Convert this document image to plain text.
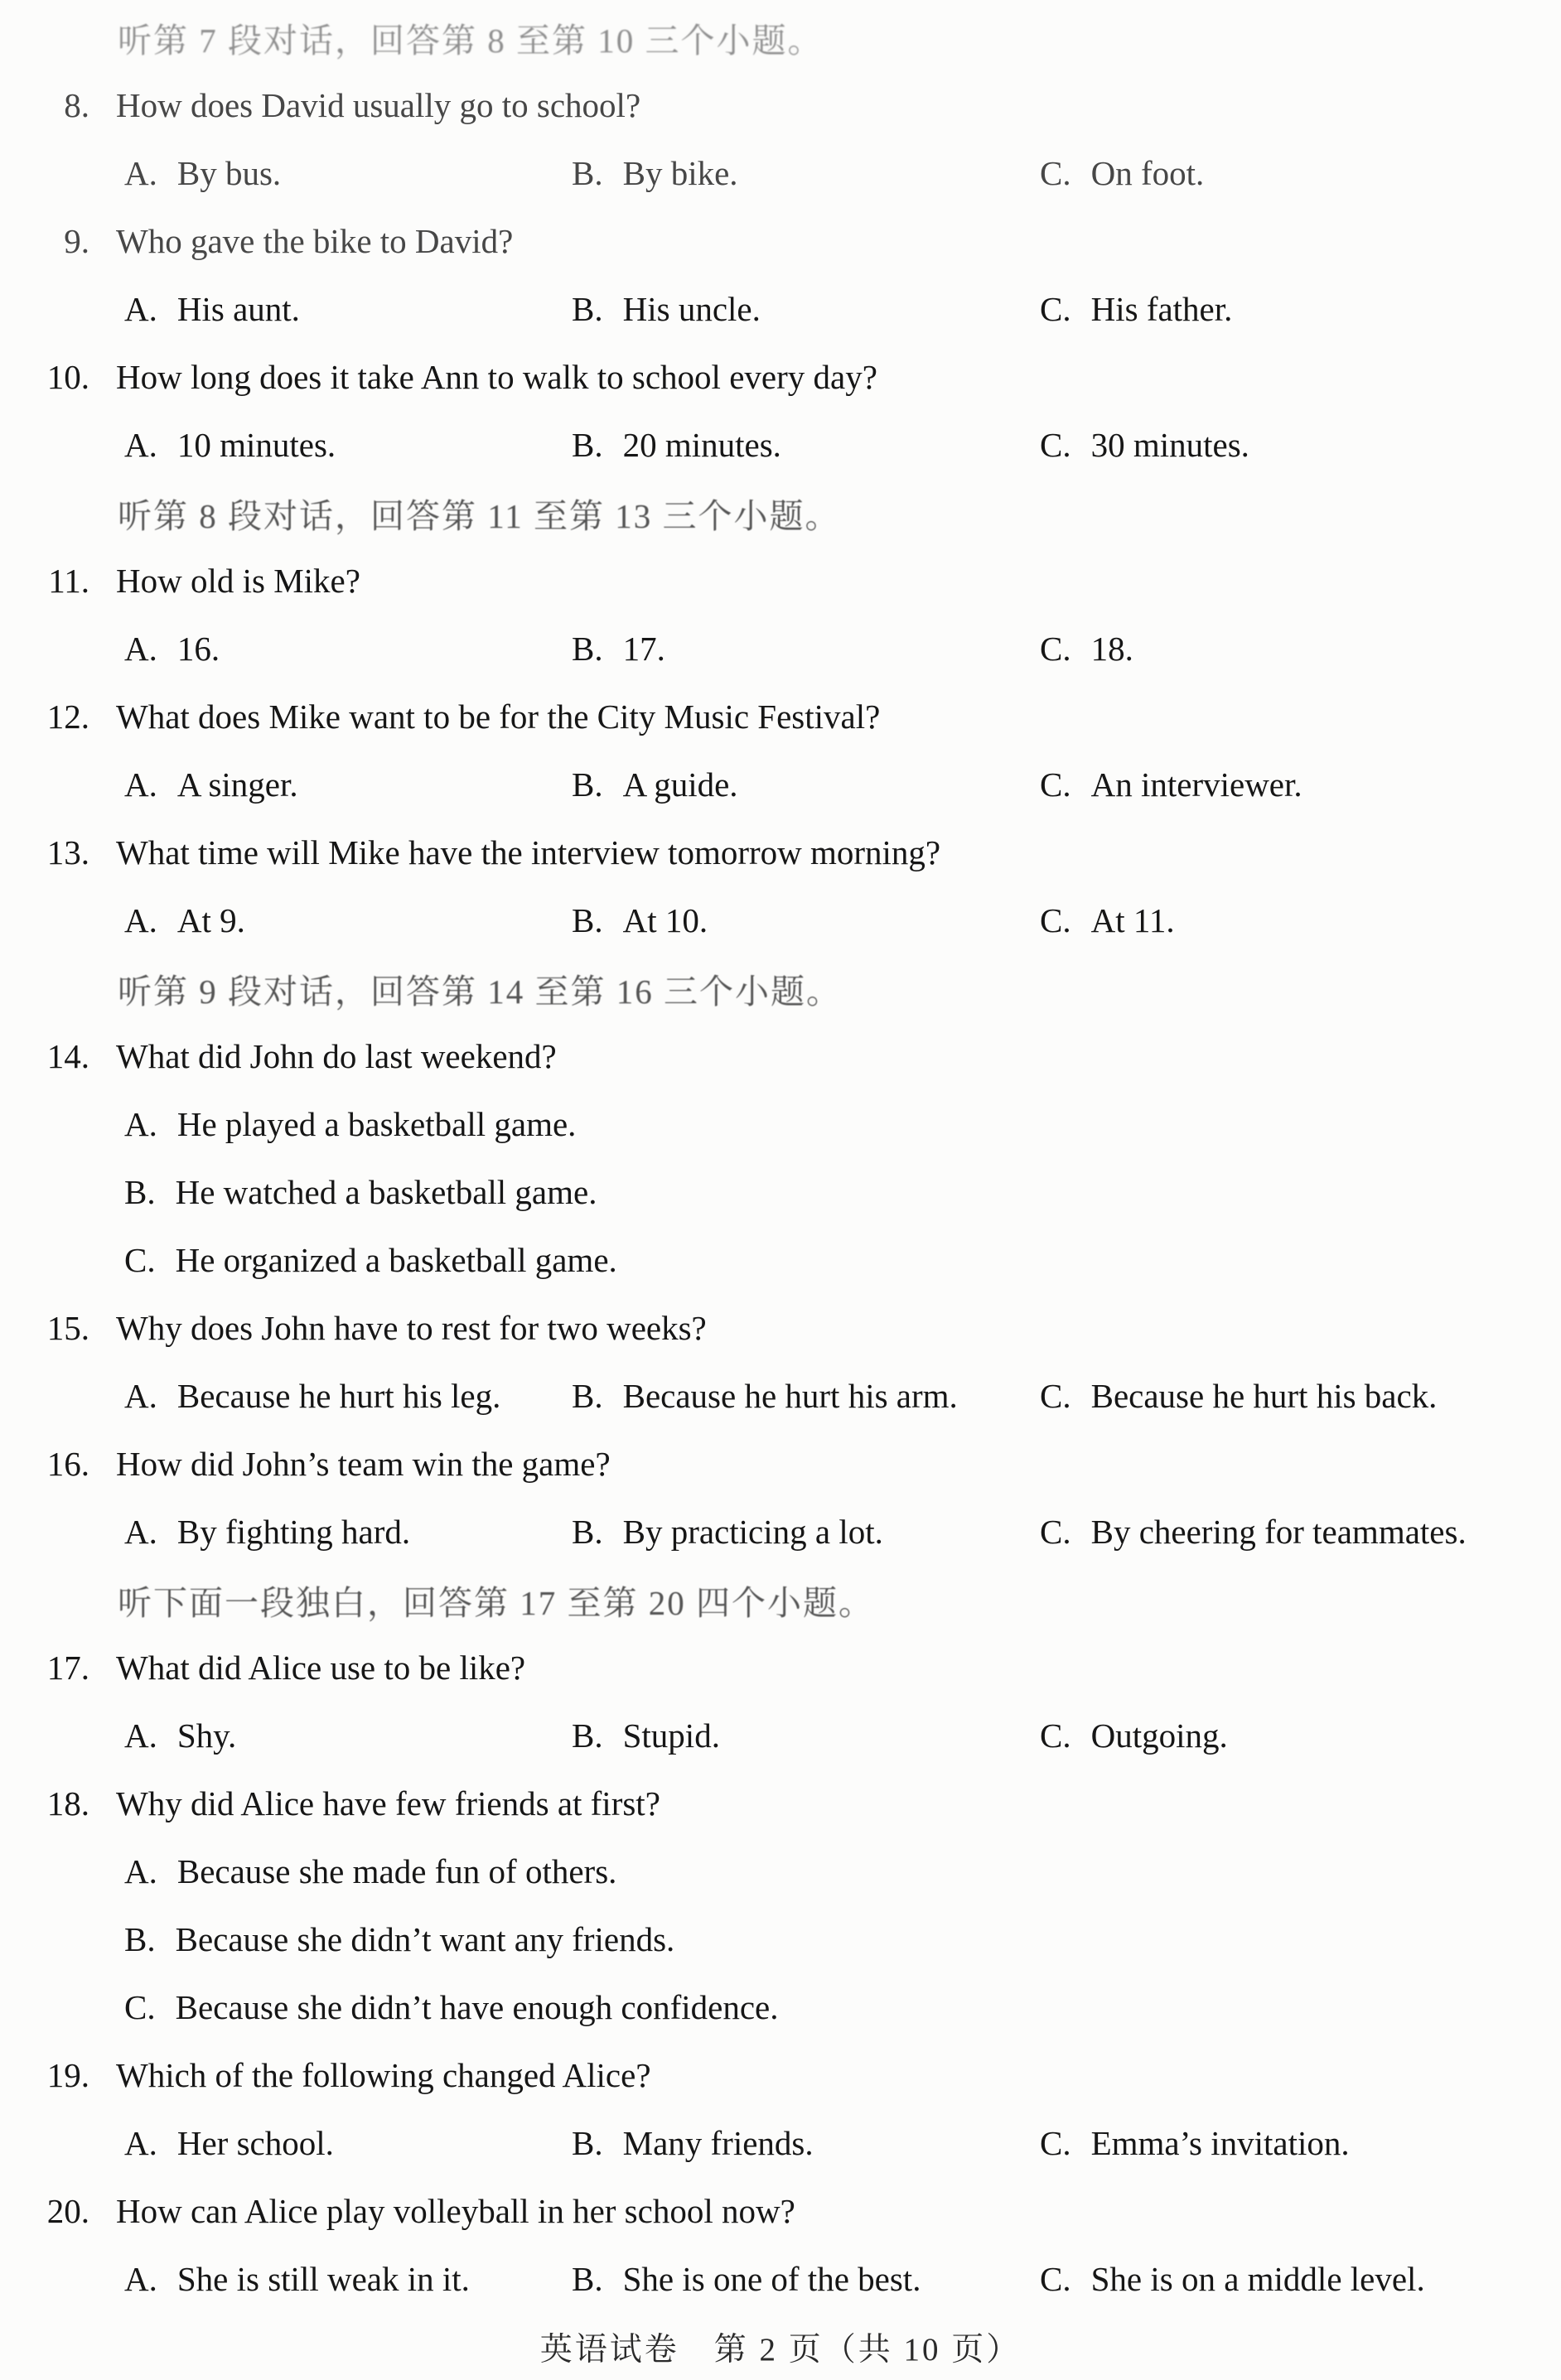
听第 7 段对话，回答第 8 至第 10 三个小题。
8. How does David usually go to school?
A. By bus.	B. By bike.	C. On foot.
9. Who gave the bike to David?
A. His aunt.	B. His uncle.	C. His father.
10. How long does it take Ann to walk to school every day?
A. 10 minutes.	B. 20 minutes.	C. 30 minutes.
听第 8 段对话，回答第 11 至第 13 三个小题。
11. How old is Mike?
A. 16.	B. 17.	C. 18.
12. What does Mike want to be for the City Music Festival?
A. A singer.	B. A guide.	C. An interviewer.
13. What time will Mike have the interview tomorrow morning?
A. At 9.	B. At 10.	C. At 11.
听第 9 段对话，回答第 14 至第 16 三个小题。
14. What did John do last weekend?
A. He played a basketball game.
B. He watched a basketball game.
C. He organized a basketball game.
15. Why does John have to rest for two weeks?
A. Because he hurt his leg. B. Because he hurt his arm. C. Because he hurt his back.
16. How did John’s team win the game?
A. By fighting hard.	B. By practicing a lot.	C. By cheering for teammates.
听下面一段独白，回答第 17 至第 20 四个小题。
17. What did Alice use to be like?
A. Shy.	B. Stupid.	C. Outgoing.
18. Why did Alice have few friends at first?
A. Because she made fun of others.
B. Because she didn’t want any friends.
C. Because she didn’t have enough confidence.
19. Which of the following changed Alice?
A. Her school.	B. Many friends.	C. Emma’s invitation.
20. How can Alice play volleyball in her school now?
A. She is still weak in it.	B. She is one of the best.	C. She is on a middle level.
英语试卷　第 2 页（共 10 页）
